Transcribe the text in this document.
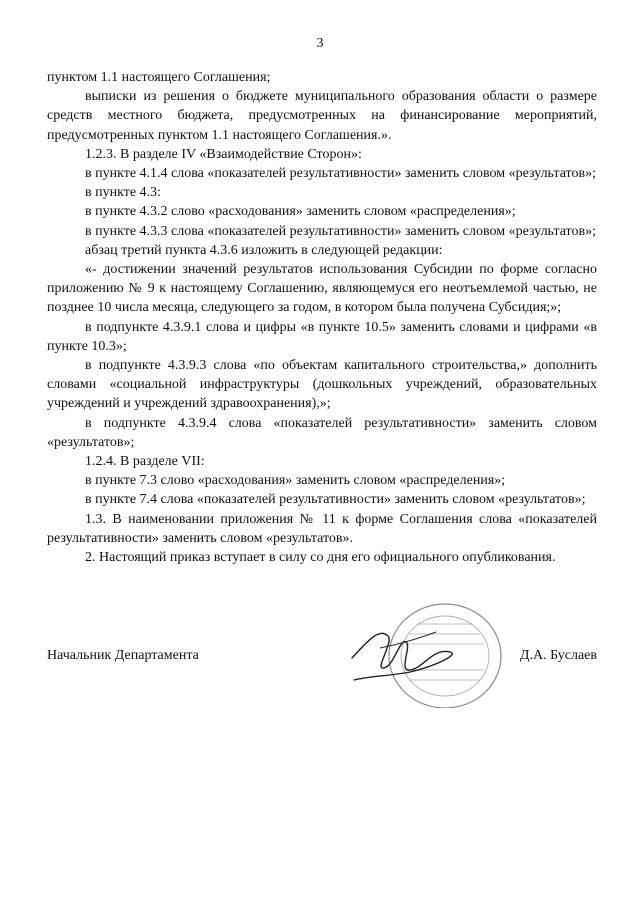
3

пунктом 1.1 настоящего Соглашения;

выписки из решения о бюджете муниципального образования области о размере средств местного бюджета, предусмотренных на финансирование мероприятий, предусмотренных пунктом 1.1 настоящего Соглашения.».

1.2.3. В разделе IV «Взаимодействие Сторон»:

в пункте 4.1.4 слова «показателей результативности» заменить словом «результатов»;

в пункте 4.3:

в пункте 4.3.2 слово «расходования» заменить словом «распределения»;

в пункте 4.3.3 слова «показателей результативности» заменить словом «результатов»;

абзац третий пункта 4.3.6 изложить в следующей редакции:

«- достижении значений результатов использования Субсидии по форме согласно приложению № 9 к настоящему Соглашению, являющемуся его неотъемлемой частью, не позднее 10 числа месяца, следующего за годом, в котором была получена Субсидия;»;

в подпункте 4.3.9.1 слова и цифры «в пункте 10.5» заменить словами и цифрами «в пункте 10.3»;

в подпункте 4.3.9.3 слова «по объектам капитального строительства,» дополнить словами «социальной инфраструктуры (дошкольных учреждений, образовательных учреждений и учреждений здравоохранения),»;

в подпункте 4.3.9.4 слова «показателей результативности» заменить словом «результатов»;

1.2.4. В разделе VII:

в пункте 7.3 слово «расходования» заменить словом «распределения»;

в пункте 7.4 слова «показателей результативности» заменить словом «результатов»;

1.3. В наименовании приложения № 11 к форме Соглашения слова «показателей результативности» заменить словом «результатов».

2. Настоящий приказ вступает в силу со дня его официального опубликования.

Начальник Департамента	Д.А. Буслаев
